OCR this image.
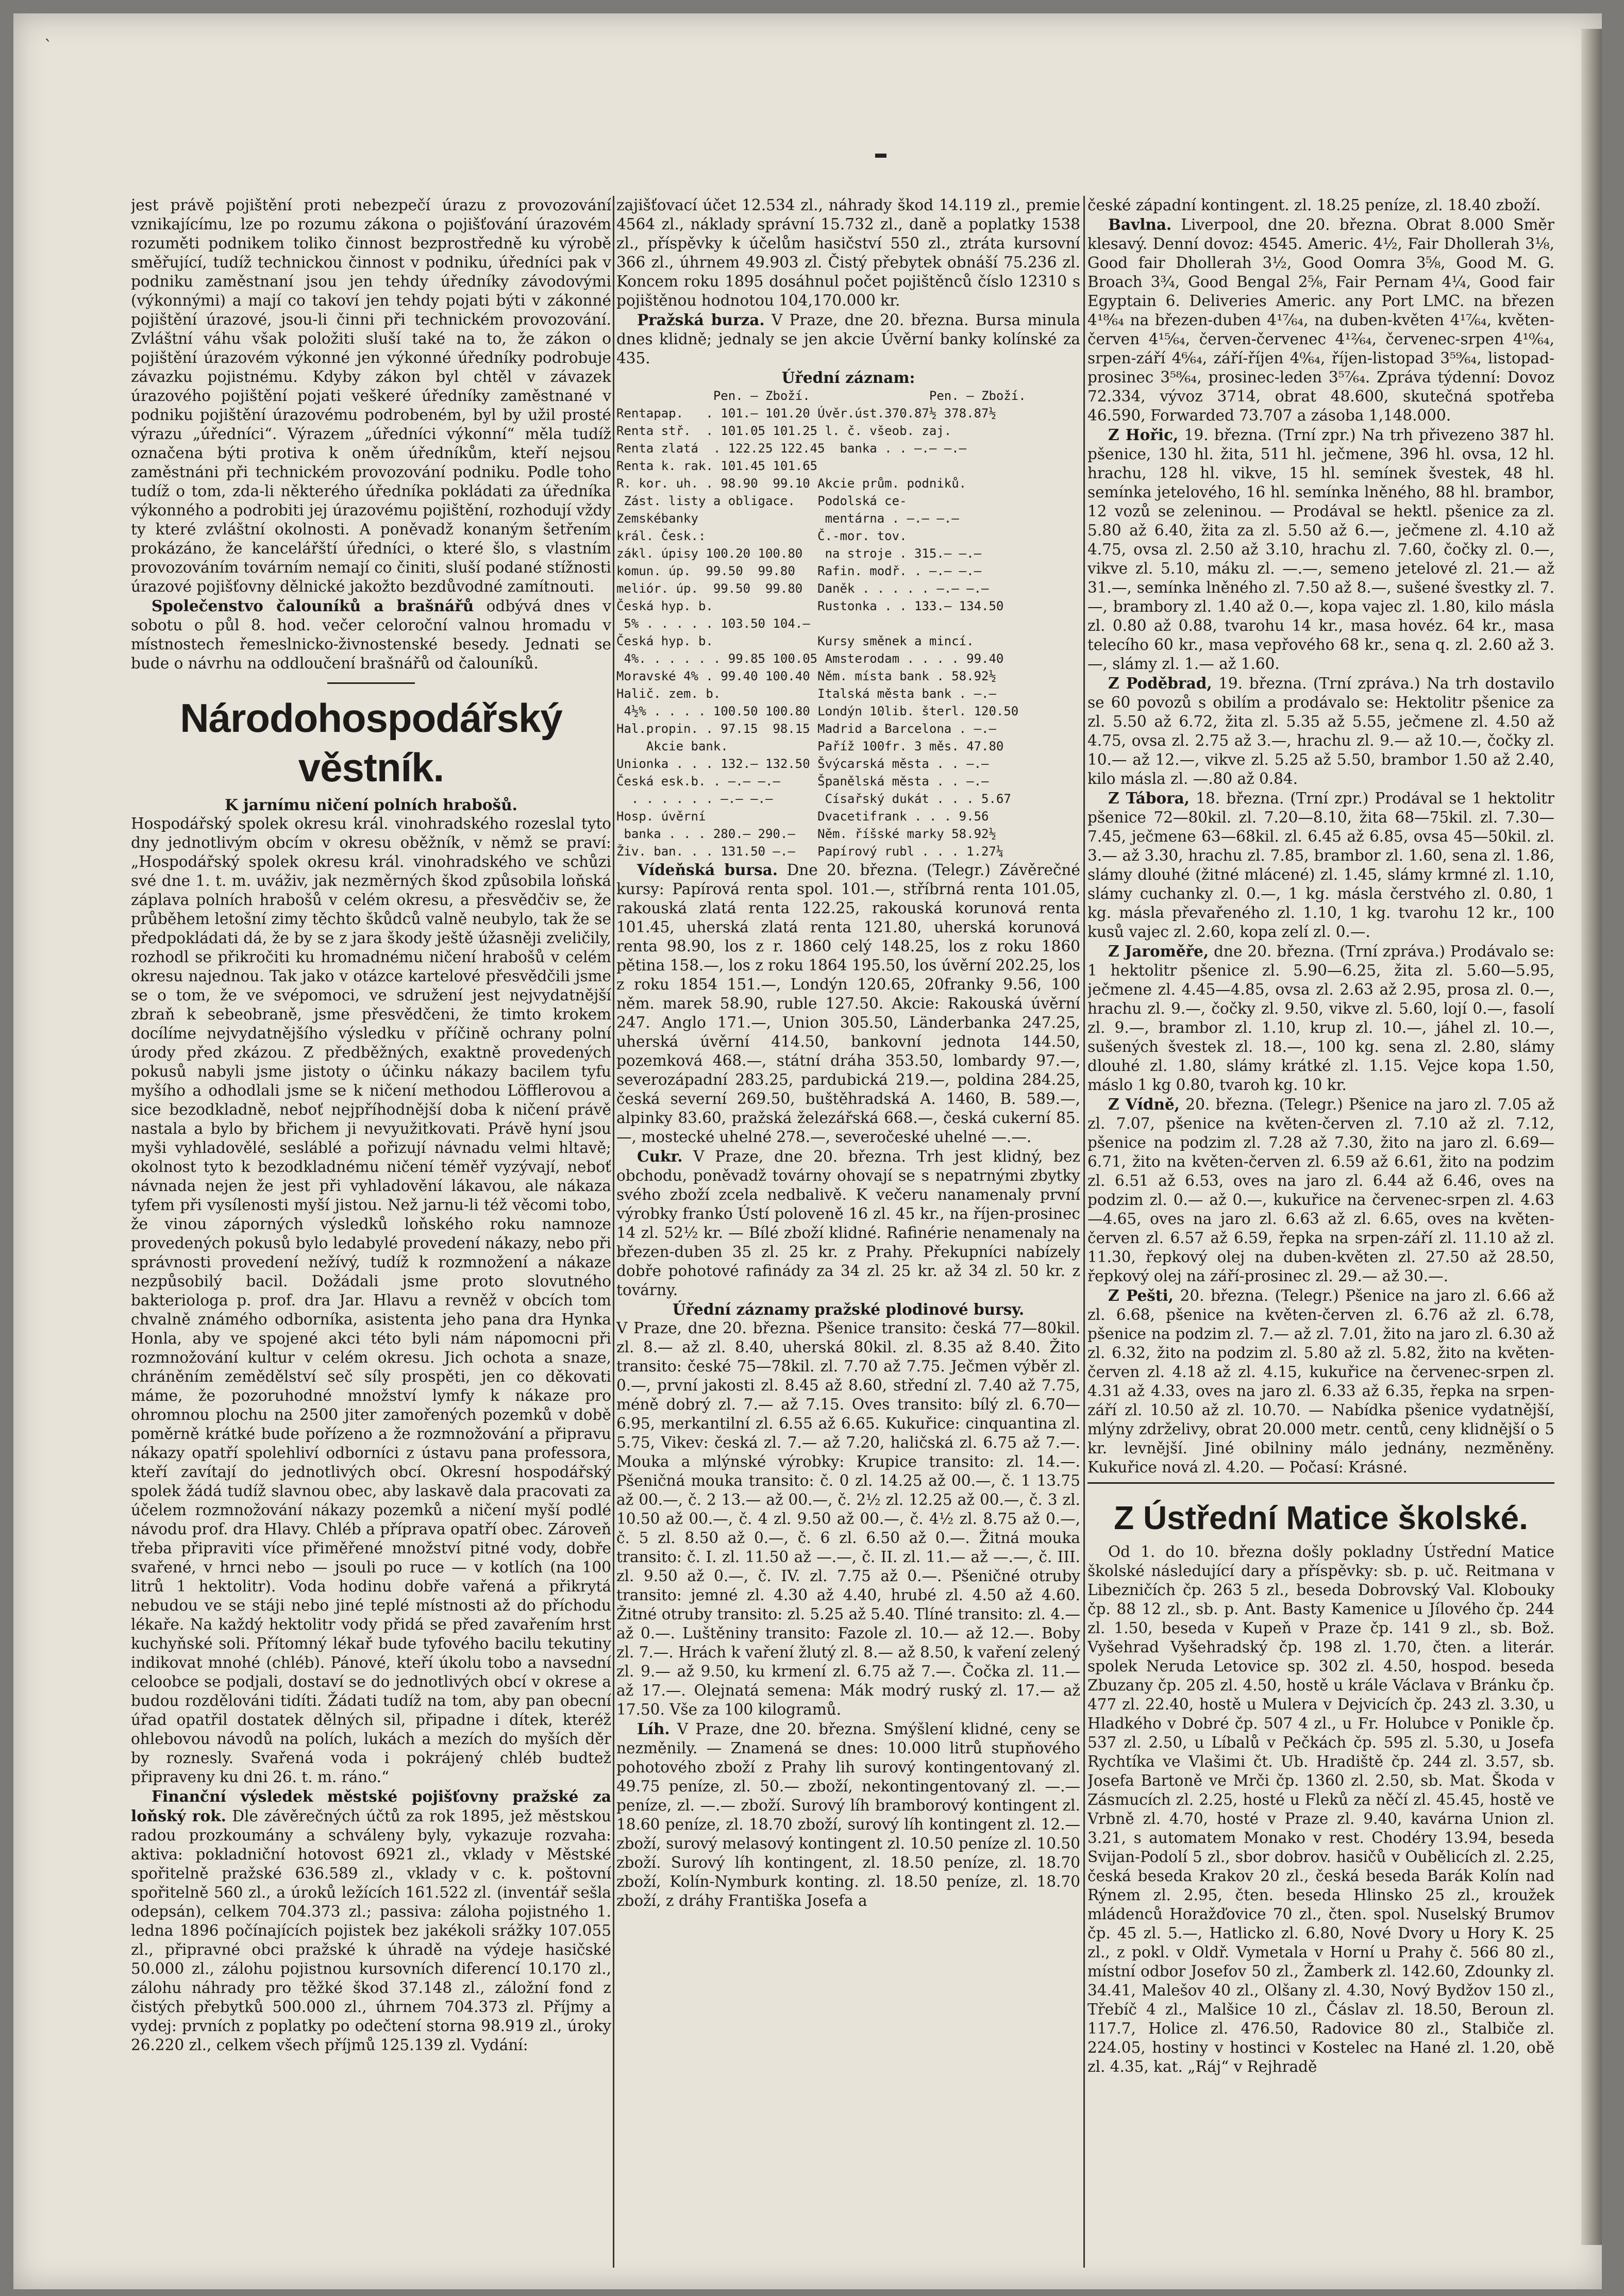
`

jest právě pojištění proti nebezpečí úrazu z provozování vznikajícímu, lze po rozumu zákona o pojišťování úrazovém rozuměti podnikem toliko činnost bezprostředně ku výrobě směřující, tudíž technickou činnost v podniku, úředníci pak v podniku zaměstnaní jsou jen tehdy úředníky závodovými (výkonnými) a mají co takoví jen tehdy pojati býti v zákonné pojištění úrazové, jsou-li činni při technickém provozování. Zvláštní váhu však položiti sluší také na to, že zákon o pojištění úrazovém výkonné jen výkonné úředníky podrobuje závazku pojistnému. Kdyby zákon byl chtěl v závazek úrazového pojištění pojati veškeré úředníky zaměstnané v podniku pojištění úrazovému podrobeném, byl by užil prosté výrazu „úředníci“. Výrazem „úředníci výkonní“ měla tudíž označena býti protiva k oněm úředníkům, kteří nejsou zaměstnáni při technickém provozování podniku. Podle toho tudíž o tom, zda-li některého úředníka pokládati za úředníka výkonného a podrobiti jej úrazovému pojištění, rozhodují vždy ty které zvláštní okolnosti. A poněvadž konaným šetřením prokázáno, že kancelářští úředníci, o které šlo, s vlastním provozováním továrním nemají co činiti, sluší podané stížnosti úrazové pojišťovny dělnické jakožto bezdůvodné zamítnouti.

Společenstvo čalouníků a brašnářů odbývá dnes v sobotu o půl 8. hod. večer celoroční valnou hromadu v místnostech řemeslnicko-živnostenské besedy. Jednati se bude o návrhu na oddloučení brašnářů od čalouníků.

Národohospodářský věstník.
K jarnímu ničení polních hrabošů.

Hospodářský spolek okresu král. vinohradského rozeslal tyto dny jednotlivým obcím v okresu oběžník, v němž se praví: „Hospodářský spolek okresu král. vinohradského ve schůzi své dne 1. t. m. uváživ, jak nezměrných škod způsobila loňská záplava polních hrabošů v celém okresu, a přesvědčiv se, že průběhem letošní zimy těchto škůdců valně neubylo, tak že se předpokládati dá, že by se z jara škody ještě úžasněji zveličily, rozhodl se přikročiti ku hromadnému ničení hrabošů v celém okresu najednou. Tak jako v otázce kartelové přesvědčili jsme se o tom, že ve svépomoci, ve sdružení jest nejvydatnější zbraň k sebeobraně, jsme přesvědčeni, že timto krokem docílíme nejvydatnějšího výsledku v příčině ochrany polní úrody před zkázou. Z předběžných, exaktně provedených pokusů nabyli jsme jistoty o účinku nákazy bacilem tyfu myšího a odhodlali jsme se k ničení methodou Löfflerovou a sice bezodkladně, neboť nejpříhodnější doba k ničení právě nastala a bylo by břichem ji nevyužitkovati. Právě hyní jsou myši vyhladovělé, sesláblé a pořizují návnadu velmi hltavě; okolnost tyto k bezodkladnému ničení téměř vyzývají, neboť návnada nejen že jest při vyhladovění lákavou, ale nákaza tyfem při vysílenosti myší jistou. Než jarnu-li též věcomi tobo, že vinou záporných výsledků loňského roku namnoze provedených pokusů bylo ledabylé provedení nákazy, nebo při správnosti provedení nežívý, tudíž k rozmnožení a nákaze nezpůsobilý bacil. Dožádali jsme proto slovutného bakteriologa p. prof. dra Jar. Hlavu a revněž v obcích tom chvalně známého odborníka, asistenta jeho pana dra Hynka Honla, aby ve spojené akci této byli nám nápomocni při rozmnožování kultur v celém okresu. Jich ochota a snaze, chráněním zemědělství seč síly prospěti, jen co děkovati máme, že pozoruhodné množství lymfy k nákaze pro ohromnou plochu na 2500 jiter zamořených pozemků v době poměrně krátké bude pořízeno a že rozmnožování a připravu nákazy opatří spolehliví odborníci z ústavu pana professora, kteří zavítají do jednotlivých obcí. Okresní hospodářský spolek žádá tudíž slavnou obec, aby laskavě dala pracovati za účelem rozmnožování nákazy pozemků a ničení myší podlé návodu prof. dra Hlavy. Chléb a příprava opatří obec. Zároveň třeba připraviti více přiměřené množství pitné vody, dobře svařené, v hrnci nebo — jsouli po ruce — v kotlích (na 100 litrů 1 hektolitr). Voda hodinu dobře vařená a přikrytá nebudou ve se stáji nebo jiné teplé místnosti až do příchodu lékaře. Na každý hektolitr vody přidá se před zavařením hrst kuchyňské soli. Přítomný lékař bude tyfového bacilu tekutiny indikovat mnohé (chléb). Pánové, kteří úkolu tobo a navsední celoobce se podjali, dostaví se do jednotlivých obcí v okrese a budou rozdělováni tidíti. Žádati tudíž na tom, aby pan obecní úřad opatřil dostatek dělných sil, připadne i dítek, kteréž ohlebovou návodů na polích, lukách a mezích do myších děr by roznesly. Svařená voda i pokrájený chléb budtež připraveny ku dni 26. t. m. ráno.“

Finanční výsledek městské pojišťovny pražské za loňský rok. Dle závěrečných účtů za rok 1895, jež městskou radou prozkoumány a schváleny byly, vykazuje rozvaha: aktiva: pokladniční hotovost 6921 zl., vklady v Městské spořitelně pražské 636.589 zl., vklady v c. k. poštovní spořitelně 560 zl., a úroků ležících 161.522 zl. (inventář sešla odepsán), celkem 704.373 zl.; passiva: záloha pojistného 1. ledna 1896 počínajících pojistek bez jakékoli srážky 107.055 zl., připravné obci pražské k úhradě na výdeje hasičské 50.000 zl., zálohu pojistnou kursovních diferencí 10.170 zl., zálohu náhrady pro těžké škod 37.148 zl., záložní fond z čistých přebytků 500.000 zl., úhrnem 704.373 zl. Příjmy a vydej: prvních z poplatky po odečtení storna 98.919 zl., úroky 26.220 zl., celkem všech příjmů 125.139 zl. Vydání:

zajišťovací účet 12.534 zl., náhrady škod 14.119 zl., premie 4564 zl., náklady správní 15.732 zl., daně a poplatky 1538 zl., příspěvky k účelům hasičství 550 zl., ztráta kursovní 366 zl., úhrnem 49.903 zl. Čistý přebytek obnáší 75.236 zl. Koncem roku 1895 dosáhnul počet pojištěnců číslo 12310 s pojištěnou hodnotou 104,170.000 kr.

Pražská burza. V Praze, dne 20. března. Bursa minula dnes klidně; jednaly se jen akcie Úvěrní banky kolínské za 435.

Úřední záznam:
Pen. — Zboží.                Pen. — Zboží.
Rentapap.   . 101.— 101.20 Úvěr.úst.370.87½ 378.87½
Renta stř.  . 101.05 101.25 l. č. všeob. zaj.
Renta zlatá  . 122.25 122.45  banka . . —.— —.—
Renta k. rak. 101.45 101.65
R. kor. uh. . 98.90  99.10 Akcie prům. podniků.
Zást. listy a obligace.   Podolská ce-
Zemskébanky                 mentárna . —.— —.—
král. Česk.:               Č.-mor. tov.
zákl. úpisy 100.20 100.80   na stroje . 315.— —.—
komun. úp.  99.50  99.80   Rafin. modř. . —.— —.—
meliór. úp.  99.50  99.80  Daněk . . . . . —.— —.—
Česká hyp. b.              Rustonka . . 133.— 134.50
5% . . . . . 103.50 104.—
Česká hyp. b.              Kursy směnek a mincí.
4%. . . . . . 99.85 100.05 Amsterodam . . . . 99.40
Moravské 4% . 99.40 100.40 Něm. místa bank . 58.92½
Halič. zem. b.             Italská města bank . —.—
4½% . . . . 100.50 100.80 Londýn 10lib. šterl. 120.50
Hal.propin. . 97.15  98.15 Madrid a Barcelona . —.—
Akcie bank.            Paříž 100fr. 3 měs. 47.80
Unionka . . . 132.— 132.50 Švýcarská města . . —.—
Česká esk.b. . —.— —.—     Španělská města . . —.—
. . . . . . —.— —.—       Císařský dukát . . . 5.67
Hosp. úvěrní               Dvacetifrank . . . 9.56
banka . . . 280.— 290.—   Něm. říšské marky 58.92½
Živ. ban. . . 131.50 —.—   Papírový rubl . . . 1.27¼

Vídeňská bursa. Dne 20. března. (Telegr.) Závěrečné kursy: Papírová renta spol. 101.—, stříbrná renta 101.05, rakouská zlatá renta 122.25, rakouská korunová renta 101.45, uherská zlatá renta 121.80, uherská korunová renta 98.90, los z r. 1860 celý 148.25, los z roku 1860 pětina 158.—, los z roku 1864 195.50, los úvěrní 202.25, los z roku 1854 151.—, Londýn 120.65, 20franky 9.56, 100 něm. marek 58.90, ruble 127.50. Akcie: Rakouská úvěrní 247. Anglo 171.—, Union 305.50, Länderbanka 247.25, uherská úvěrní 414.50, bankovní jednota 144.50, pozemková 468.—, státní dráha 353.50, lombardy 97.—, severozápadní 283.25, pardubická 219.—, poldina 284.25, česká severní 269.50, buštěhradská A. 1460, B. 589.—, alpinky 83.60, pražská železářská 668.—, česká cukerní 85.—, mostecké uhelné 278.—, severočeské uhelné —.—.

Cukr. V Praze, dne 20. března. Trh jest klidný, bez obchodu, poněvadž továrny ohovají se s nepatrnými zbytky svého zboží zcela nedbalivě. K večeru nanamenaly první výrobky franko Ústí poloveně 16 zl. 45 kr., na říjen-prosinec 14 zl. 52½ kr. — Bílé zboží klidné. Rafinérie nenamenaly na březen-duben 35 zl. 25 kr. z Prahy. Překupníci nabízely dobře pohotové rafinády za 34 zl. 25 kr. až 34 zl. 50 kr. z továrny.

Úřední záznamy pražské plodinové bursy.

V Praze, dne 20. března. Pšenice transito: česká 77—80kil. zl. 8.— až zl. 8.40, uherská 80kil. zl. 8.35 až 8.40. Žito transito: české 75—78kil. zl. 7.70 až 7.75. Ječmen výběr zl. 0.—, první jakosti zl. 8.45 až 8.60, střední zl. 7.40 až 7.75, méně dobrý zl. 7.— až 7.15. Oves transito: bílý zl. 6.70—6.95, merkantilní zl. 6.55 až 6.65. Kukuřice: cinquantina zl. 5.75, Vikev: česká zl. 7.— až 7.20, haličská zl. 6.75 až 7.—. Mouka a mlýnské výrobky: Krupice transito: zl. 14.—. Pšeničná mouka transito: č. 0 zl. 14.25 až 00.—, č. 1 13.75 až 00.—, č. 2 13.— až 00.—, č. 2½ zl. 12.25 až 00.—, č. 3 zl. 10.50 až 00.—, č. 4 zl. 9.50 až 00.—, č. 4½ zl. 8.75 až 0.—, č. 5 zl. 8.50 až 0.—, č. 6 zl. 6.50 až 0.—. Žitná mouka transito: č. I. zl. 11.50 až —.—, č. II. zl. 11.— až —.—, č. III. zl. 9.50 až 0.—, č. IV. zl. 7.75 až 0.—. Pšeničné otruby transito: jemné zl. 4.30 až 4.40, hrubé zl. 4.50 až 4.60. Žitné otruby transito: zl. 5.25 až 5.40. Tlíné transito: zl. 4.— až 0.—. Luštěniny transito: Fazole zl. 10.— až 12.—. Boby zl. 7.—. Hrách k vaření žlutý zl. 8.— až 8.50, k vaření zelený zl. 9.— až 9.50, ku krmení zl. 6.75 až 7.—. Čočka zl. 11.— až 17.—. Olejnatá semena: Mák modrý ruský zl. 17.— až 17.50. Vše za 100 kilogramů.

Líh. V Praze, dne 20. března. Smýšlení klidné, ceny se nezměnily. — Znamená se dnes: 10.000 litrů stupňového pohotového zboží z Prahy lih surový kontingentovaný zl. 49.75 peníze, zl. 50.— zboží, nekontingentovaný zl. —.— peníze, zl. —.— zboží. Surový líh bramborový kontingent zl. 18.60 peníze, zl. 18.70 zboží, surový líh kontingent zl. 12.— zboží, surový melasový kontingent zl. 10.50 peníze zl. 10.50 zboží. Surový líh kontingent, zl. 18.50 peníze, zl. 18.70 zboží, Kolín-Nymburk konting. zl. 18.50 peníze, zl. 18.70 zboží, z dráhy Františka Josefa a

české západní kontingent. zl. 18.25 peníze, zl. 18.40 zboží.

Bavlna. Liverpool, dne 20. března. Obrat 8.000 Směr klesavý. Denní dovoz: 4545. Americ. 4½, Fair Dhollerah 3⅛, Good fair Dhollerah 3½, Good Oomra 3⅝, Good M. G. Broach 3¾, Good Bengal 2⅝, Fair Pernam 4¼, Good fair Egyptain 6. Deliveries Americ. any Port LMC. na březen 4¹⁸⁄₆₄ na březen-duben 4¹⁷⁄₆₄, na duben-květen 4¹⁷⁄₆₄, květen-červen 4¹⁵⁄₆₄, červen-červenec 4¹²⁄₆₄, červenec-srpen 4¹⁰⁄₆₄, srpen-září 4⁶⁄₆₄, září-říjen 4⁰⁄₆₄, říjen-listopad 3⁵⁹⁄₆₄, listopad-prosinec 3⁵⁸⁄₆₄, prosinec-leden 3⁵⁷⁄₆₄. Zpráva týdenní: Dovoz 72.334, vývoz 3714, obrat 48.600, skutečná spotřeba 46.590, Forwarded 73.707 a zásoba 1,148.000.

Z Hořic, 19. března. (Trní zpr.) Na trh přivezeno 387 hl. pšenice, 130 hl. žita, 511 hl. ječmene, 396 hl. ovsa, 12 hl. hrachu, 128 hl. vikve, 15 hl. semínek švestek, 48 hl. semínka jetelového, 16 hl. semínka lněného, 88 hl. brambor, 12 vozů se zeleninou. — Prodával se hektl. pšenice za zl. 5.80 až 6.40, žita za zl. 5.50 až 6.—, ječmene zl. 4.10 až 4.75, ovsa zl. 2.50 až 3.10, hrachu zl. 7.60, čočky zl. 0.—, vikve zl. 5.10, máku zl. —.—, semeno jetelové zl. 21.— až 31.—, semínka lněného zl. 7.50 až 8.—, sušené švestky zl. 7.—, brambory zl. 1.40 až 0.—, kopa vajec zl. 1.80, kilo másla zl. 0.80 až 0.88, tvarohu 14 kr., masa hovéz. 64 kr., masa telecího 60 kr., masa vepřového 68 kr., sena q. zl. 2.60 až 3.—, slámy zl. 1.— až 1.60.

Z Poděbrad, 19. března. (Trní zpráva.) Na trh dostavilo se 60 povozů s obilím a prodávalo se: Hektolitr pšenice za zl. 5.50 až 6.72, žita zl. 5.35 až 5.55, ječmene zl. 4.50 až 4.75, ovsa zl. 2.75 až 3.—, hrachu zl. 9.— až 10.—, čočky zl. 10.— až 12.—, vikve zl. 5.25 až 5.50, brambor 1.50 až 2.40, kilo másla zl. —.80 až 0.84.

Z Tábora, 18. března. (Trní zpr.) Prodával se 1 hektolitr pšenice 72—80kil. zl. 7.20—8.10, žita 68—75kil. zl. 7.30—7.45, ječmene 63—68kil. zl. 6.45 až 6.85, ovsa 45—50kil. zl. 3.— až 3.30, hrachu zl. 7.85, brambor zl. 1.60, sena zl. 1.86, slámy dlouhé (žitné mlácené) zl. 1.45, slámy krmné zl. 1.10, slámy cuchanky zl. 0.—, 1 kg. másla čerstvého zl. 0.80, 1 kg. másla převařeného zl. 1.10, 1 kg. tvarohu 12 kr., 100 kusů vajec zl. 2.60, kopa zelí zl. 0.—.

Z Jaroměře, dne 20. března. (Trní zpráva.) Prodávalo se: 1 hektolitr pšenice zl. 5.90—6.25, žita zl. 5.60—5.95, ječmene zl. 4.45—4.85, ovsa zl. 2.63 až 2.95, prosa zl. 0.—, hrachu zl. 9.—, čočky zl. 9.50, vikve zl. 5.60, lojí 0.—, fasolí zl. 9.—, brambor zl. 1.10, krup zl. 10.—, jáhel zl. 10.—, sušených švestek zl. 18.—, 100 kg. sena zl. 2.80, slámy dlouhé zl. 1.80, slámy krátké zl. 1.15. Vejce kopa 1.50, máslo 1 kg 0.80, tvaroh kg. 10 kr.

Z Vídně, 20. března. (Telegr.) Pšenice na jaro zl. 7.05 až zl. 7.07, pšenice na květen-červen zl. 7.10 až zl. 7.12, pšenice na podzim zl. 7.28 až 7.30, žito na jaro zl. 6.69—6.71, žito na květen-červen zl. 6.59 až 6.61, žito na podzim zl. 6.51 až 6.53, oves na jaro zl. 6.44 až 6.46, oves na podzim zl. 0.— až 0.—, kukuřice na červenec-srpen zl. 4.63—4.65, oves na jaro zl. 6.63 až zl. 6.65, oves na květen-červen zl. 6.57 až 6.59, řepka na srpen-září zl. 11.10 až zl. 11.30, řepkový olej na duben-květen zl. 27.50 až 28.50, řepkový olej na září-prosinec zl. 29.— až 30.—.

Z Pešti, 20. března. (Telegr.) Pšenice na jaro zl. 6.66 až zl. 6.68, pšenice na květen-červen zl. 6.76 až zl. 6.78, pšenice na podzim zl. 7.— až zl. 7.01, žito na jaro zl. 6.30 až zl. 6.32, žito na podzim zl. 5.80 až zl. 5.82, žito na květen-červen zl. 4.18 až zl. 4.15, kukuřice na červenec-srpen zl. 4.31 až 4.33, oves na jaro zl. 6.33 až 6.35, řepka na srpen-září zl. 10.50 až zl. 10.70. — Nabídka pšenice vydatnější, mlýny zdrželivy, obrat 20.000 metr. centů, ceny klidnější o 5 kr. levnější. Jiné obilniny málo jednány, nezměněny. Kukuřice nová zl. 4.20. — Počasí: Krásné.

Z Ústřední Matice školské.

Od 1. do 10. března došly pokladny Ústřední Matice školské následující dary a příspěvky: sb. p. uč. Reitmana v Libezničích čp. 263 5 zl., beseda Dobrovský Val. Klobouky čp. 88 12 zl., sb. p. Ant. Basty Kamenice u Jílového čp. 244 zl. 1.50, beseda v Kupeň v Praze čp. 141 9 zl., sb. Bož. Vyšehrad Vyšehradský čp. 198 zl. 1.70, čten. a literár. spolek Neruda Letovice sp. 302 zl. 4.50, hospod. beseda Zbuzany čp. 205 zl. 4.50, hostě u krále Václava v Bránku čp. 477 zl. 22.40, hostě u Mulera v Dejvicích čp. 243 zl. 3.30, u Hladkého v Dobré čp. 507 4 zl., u Fr. Holubce v Ponikle čp. 537 zl. 2.50, u Líbalů v Pečkách čp. 595 zl. 5.30, u Josefa Rychtíka ve Vlašimi čt. Ub. Hradiště čp. 244 zl. 3.57, sb. Josefa Bartoně ve Mrči čp. 1360 zl. 2.50, sb. Mat. Škoda v Zásmucích zl. 2.25, hosté u Fleků za něčí zl. 45.45, hostě ve Vrbně zl. 4.70, hosté v Praze zl. 9.40, kavárna Union zl. 3.21, s automatem Monako v rest. Chodéry 13.94, beseda Svijan-Podolí 5 zl., sbor dobrov. hasičů v Oubělicích zl. 2.25, česká beseda Krakov 20 zl., česká beseda Barák Kolín nad Rýnem zl. 2.95, čten. beseda Hlinsko 25 zl., kroužek mládenců Horažďovice 70 zl., čten. spol. Nuselský Brumov čp. 45 zl. 5.—, Hatlicko zl. 6.80, Nové Dvory u Hory K. 25 zl., z pokl. v Oldř. Vymetala v Horní u Prahy č. 566 80 zl., místní odbor Josefov 50 zl., Žamberk zl. 142.60, Zdounky zl. 34.41, Malešov 40 zl., Olšany zl. 4.30, Nový Bydžov 150 zl., Třebíč 4 zl., Malšice 10 zl., Čáslav zl. 18.50, Beroun zl. 117.7, Holice zl. 476.50, Radovice 80 zl., Stalbiče zl. 224.05, hostiny v hostinci v Kostelec na Hané zl. 1.20, obě zl. 4.35, kat. „Ráj“ v Rejhradě
